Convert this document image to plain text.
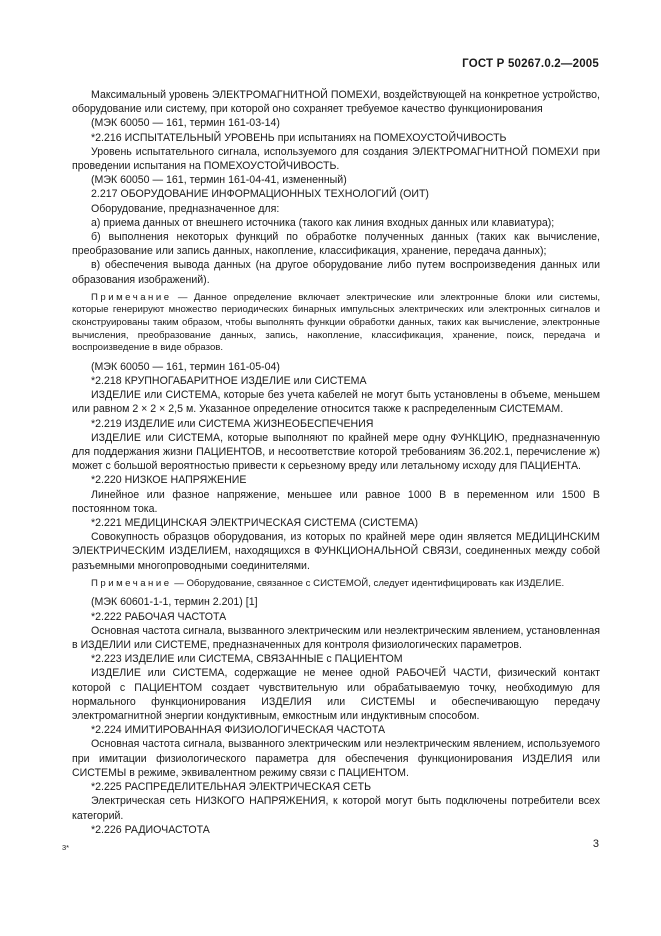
ГОСТ Р 50267.0.2—2005

Максимальный уровень ЭЛЕКТРОМАГНИТНОЙ ПОМЕХИ, воздействующей на конкретное устройство, оборудование или систему, при которой оно сохраняет требуемое качество функционирования

(МЭК 60050 — 161, термин 161-03-14)

*2.216 ИСПЫТАТЕЛЬНЫЙ УРОВЕНЬ при испытаниях на ПОМЕХОУСТОЙЧИВОСТЬ

Уровень испытательного сигнала, используемого для создания ЭЛЕКТРОМАГНИТНОЙ ПОМЕХИ при проведении испытания на ПОМЕХОУСТОЙЧИВОСТЬ.

(МЭК 60050 — 161, термин 161-04-41, измененный)

2.217 ОБОРУДОВАНИЕ ИНФОРМАЦИОННЫХ ТЕХНОЛОГИЙ (ОИТ)

Оборудование, предназначенное для:

а) приема данных от внешнего источника (такого как линия входных данных или клавиатура);

б) выполнения некоторых функций по обработке полученных данных (таких как вычисление, преобразование или запись данных, накопление, классификация, хранение, передача данных);

в) обеспечения вывода данных (на другое оборудование либо путем воспроизведения данных или образования изображений).

Примечание — Данное определение включает электрические или электронные блоки или системы, которые генерируют множество периодических бинарных импульсных электрических или электронных сигналов и сконструированы таким образом, чтобы выполнять функции обработки данных, таких как вычисление, электронные вычисления, преобразование данных, запись, накопление, классификация, хранение, поиск, передача и воспроизведение в виде образов.

(МЭК 60050 — 161, термин 161-05-04)

*2.218 КРУПНОГАБАРИТНОЕ ИЗДЕЛИЕ или СИСТЕМА

ИЗДЕЛИЕ или СИСТЕМА, которые без учета кабелей не могут быть установлены в объеме, меньшем или равном 2 × 2 × 2,5 м. Указанное определение относится также к распределенным СИСТЕМАМ.

*2.219 ИЗДЕЛИЕ или СИСТЕМА ЖИЗНЕОБЕСПЕЧЕНИЯ

ИЗДЕЛИЕ или СИСТЕМА, которые выполняют по крайней мере одну ФУНКЦИЮ, предназначенную для поддержания жизни ПАЦИЕНТОВ, и несоответствие которой требованиям 36.202.1, перечисление ж) может с большой вероятностью привести к серьезному вреду или летальному исходу для ПАЦИЕНТА.

*2.220 НИЗКОЕ НАПРЯЖЕНИЕ

Линейное или фазное напряжение, меньшее или равное 1000 В в переменном или 1500 В постоянном тока.

*2.221 МЕДИЦИНСКАЯ ЭЛЕКТРИЧЕСКАЯ СИСТЕМА (СИСТЕМА)

Совокупность образцов оборудования, из которых по крайней мере один является МЕДИЦИНСКИМ ЭЛЕКТРИЧЕСКИМ ИЗДЕЛИЕМ, находящихся в ФУНКЦИОНАЛЬНОЙ СВЯЗИ, соединенных между собой разъемными многопроводными соединителями.

Примечание — Оборудование, связанное с СИСТЕМОЙ, следует идентифицировать как ИЗДЕЛИЕ.

(МЭК 60601-1-1, термин 2.201) [1]

*2.222 РАБОЧАЯ ЧАСТОТА

Основная частота сигнала, вызванного электрическим или неэлектрическим явлением, установленная в ИЗДЕЛИИ или СИСТЕМЕ, предназначенных для контроля физиологических параметров.

*2.223 ИЗДЕЛИЕ или СИСТЕМА, СВЯЗАННЫЕ с ПАЦИЕНТОМ

ИЗДЕЛИЕ или СИСТЕМА, содержащие не менее одной РАБОЧЕЙ ЧАСТИ, физический контакт которой с ПАЦИЕНТОМ создает чувствительную или обрабатываемую точку, необходимую для нормального функционирования ИЗДЕЛИЯ или СИСТЕМЫ и обеспечивающую передачу электромагнитной энергии кондуктивным, емкостным или индуктивным способом.

*2.224 ИМИТИРОВАННАЯ ФИЗИОЛОГИЧЕСКАЯ ЧАСТОТА

Основная частота сигнала, вызванного электрическим или неэлектрическим явлением, используемого при имитации физиологического параметра для обеспечения функционирования ИЗДЕЛИЯ или СИСТЕМЫ в режиме, эквивалентном режиму связи с ПАЦИЕНТОМ.

*2.225 РАСПРЕДЕЛИТЕЛЬНАЯ ЭЛЕКТРИЧЕСКАЯ СЕТЬ

Электрическая сеть НИЗКОГО НАПРЯЖЕНИЯ, к которой могут быть подключены потребители всех категорий.

*2.226 РАДИОЧАСТОТА

3*	3
